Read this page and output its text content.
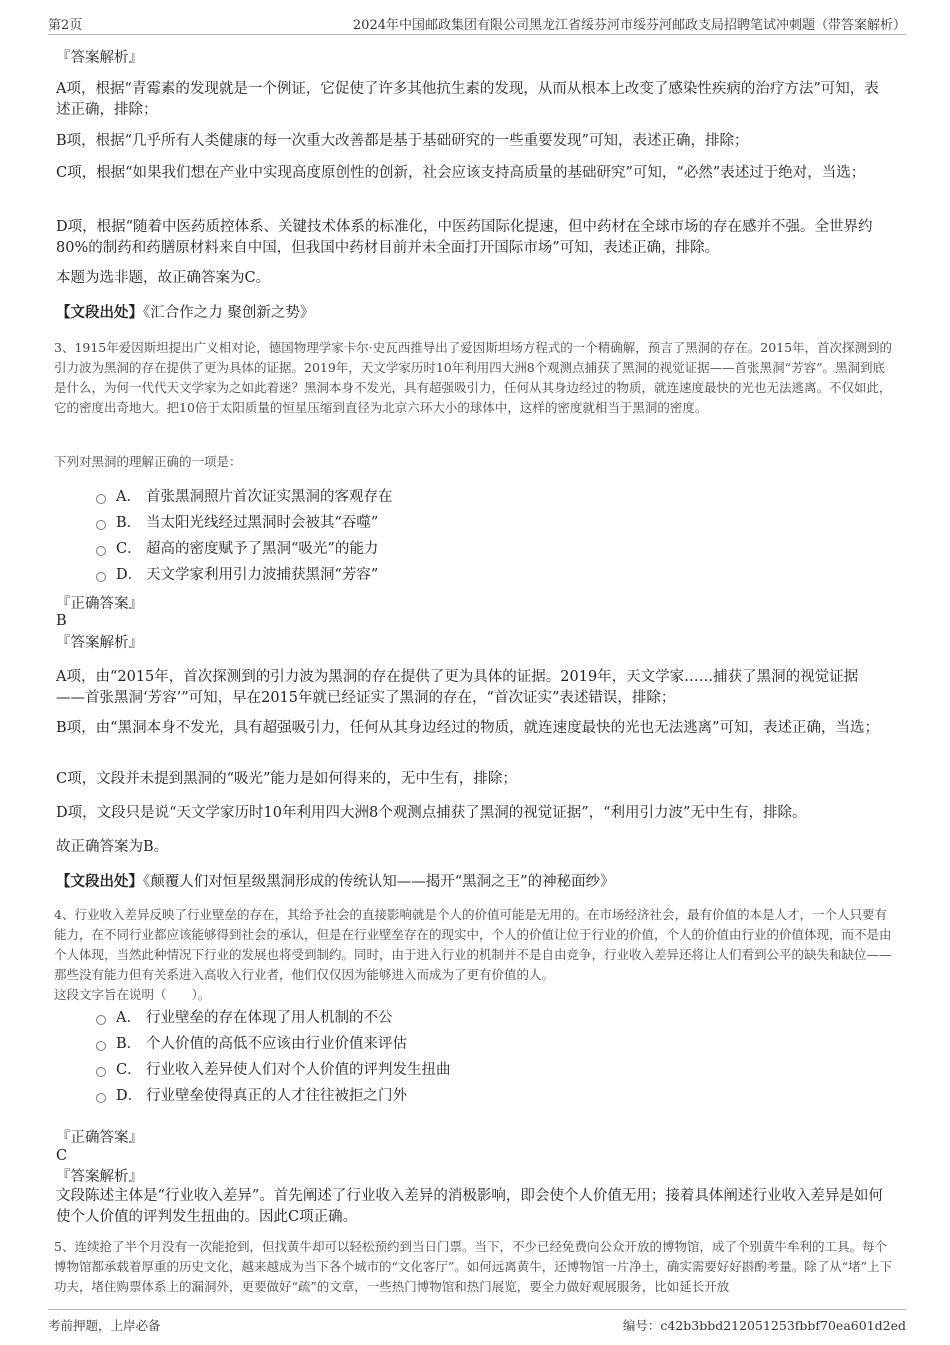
第2页	2024年中国邮政集团有限公司黑龙江省绥芬河市绥芬河邮政支局招聘笔试冲刺题（带答案解析）
『答案解析』
A项，根据“青霉素的发现就是一个例证，它促使了许多其他抗生素的发现，从而从根本上改变了感染性疾病的治疗方法”可知，表述正确，排除；
B项，根据“几乎所有人类健康的每一次重大改善都是基于基础研究的一些重要发现”可知，表述正确，排除；
C项，根据“如果我们想在产业中实现高度原创性的创新，社会应该支持高质量的基础研究”可知，“必然”表述过于绝对，当选；
D项，根据“随着中医药质控体系、关键技术体系的标准化，中医药国际化提速，但中药材在全球市场的存在感并不强。全世界约80%的制药和药膳原材料来自中国，但我国中药材目前并未全面打开国际市场”可知，表述正确，排除。
本题为选非题，故正确答案为C。
【文段出处】《汇合作之力 聚创新之势》
3、1915年爱因斯坦提出广义相对论，德国物理学家卡尔·史瓦西推导出了爱因斯坦场方程式的一个精确解，预言了黑洞的存在。2015年，首次探测到的引力波为黑洞的存在提供了更为具体的证据。2019年，天文学家历时10年利用四大洲8个观测点捕获了黑洞的视觉证据——首张黑洞“芳容”。黑洞到底是什么，为何一代代天文学家为之如此着迷？黑洞本身不发光，具有超强吸引力，任何从其身边经过的物质，就连速度最快的光也无法逃离。不仅如此，它的密度出奇地大。把10倍于太阳质量的恒星压缩到直径为北京六环大小的球体中，这样的密度就相当于黑洞的密度。
下列对黑洞的理解正确的一项是：
A． 首张黑洞照片首次证实黑洞的客观存在
B． 当太阳光线经过黑洞时会被其“吞噬”
C． 超高的密度赋予了黑洞“吸光”的能力
D． 天文学家利用引力波捕获黑洞“芳容”
『正确答案』
B
『答案解析』
A项，由“2015年，首次探测到的引力波为黑洞的存在提供了更为具体的证据。2019年，天文学家……捕获了黑洞的视觉证据——首张黑洞‘芳容’”可知，早在2015年就已经证实了黑洞的存在，“首次证实”表述错误，排除；
B项，由“黑洞本身不发光，具有超强吸引力，任何从其身边经过的物质，就连速度最快的光也无法逃离”可知，表述正确，当选；
C项，文段并未提到黑洞的“吸光”能力是如何得来的，无中生有，排除；
D项，文段只是说“天文学家历时10年利用四大洲8个观测点捕获了黑洞的视觉证据”，“利用引力波”无中生有，排除。
故正确答案为B。
【文段出处】《颠覆人们对恒星级黑洞形成的传统认知——揭开“黑洞之王”的神秘面纱》
4、行业收入差异反映了行业壁垒的存在，其给予社会的直接影响就是个人的价值可能是无用的。在市场经济社会，最有价值的本是人才，一个人只要有能力，在不同行业都应该能够得到社会的承认，但是在行业壁垒存在的现实中，个人的价值让位于行业的价值，个人的价值由行业的价值体现，而不是由个人体现，当然此种情况下行业的发展也将受到制约。同时，由于进入行业的机制并不是自由竞争，行业收入差异还将让人们看到公平的缺失和缺位——那些没有能力但有关系进入高收入行业者，他们仅仅因为能够进入而成为了更有价值的人。
这段文字旨在说明（　　）。
A． 行业壁垒的存在体现了用人机制的不公
B． 个人价值的高低不应该由行业价值来评估
C． 行业收入差异使人们对个人价值的评判发生扭曲
D． 行业壁垒使得真正的人才往往被拒之门外
『正确答案』
C
『答案解析』
文段陈述主体是“行业收入差异”。首先阐述了行业收入差异的消极影响，即会使个人价值无用；接着具体阐述行业收入差异是如何使个人价值的评判发生扭曲的。因此C项正确。
5、连续抢了半个月没有一次能抢到，但找黄牛却可以轻松预约到当日门票。当下，不少已经免费向公众开放的博物馆，成了个别黄牛牟利的工具。每个博物馆都承载着厚重的历史文化，越来越成为当下各个城市的“文化客厅”。如何远离黄牛，还博物馆一片净土，确实需要好好斟酌考量。除了从“堵”上下功夫，堵住购票体系上的漏洞外，更要做好“疏”的文章，一些热门博物馆和热门展览，要全力做好观展服务，比如延长开放
考前押题，上岸必备	编号：c42b3bbd212051253fbbf70ea601d2ed
